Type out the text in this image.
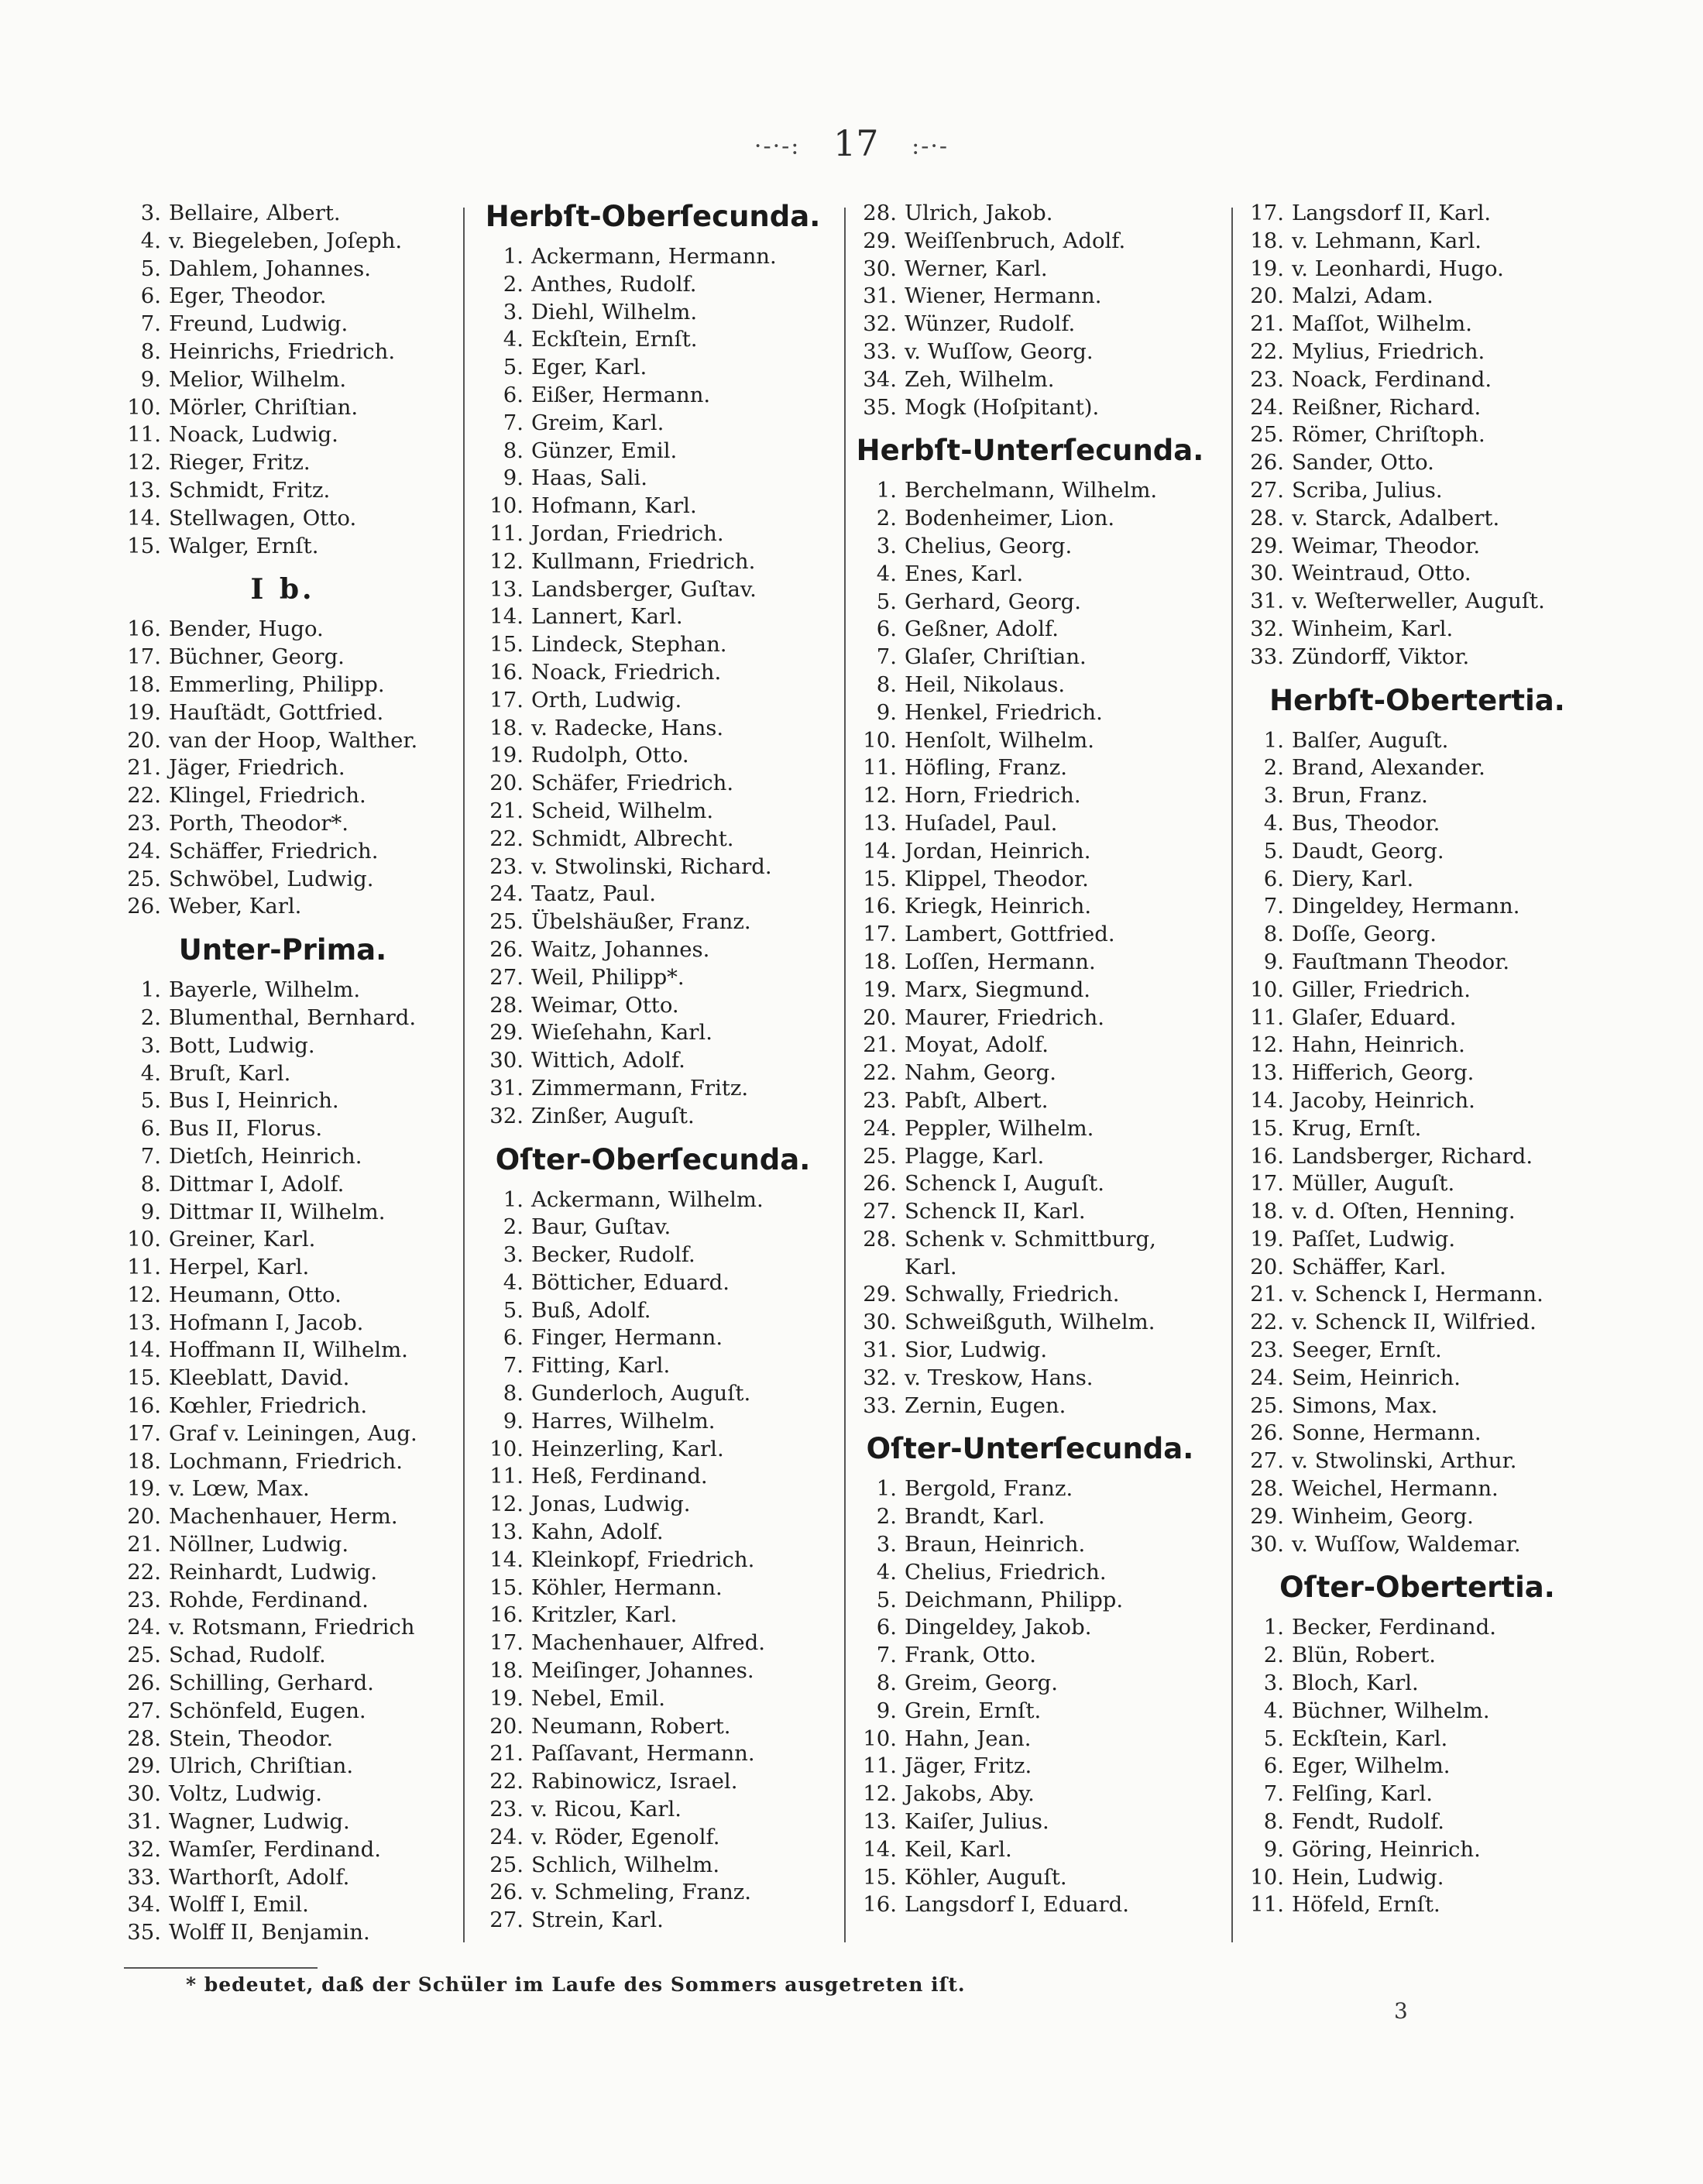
·-·-: 17 :-·-
3. Bellaire, Albert.
4. v. Biegeleben, Joſeph.
5. Dahlem, Johannes.
6. Eger, Theodor.
7. Freund, Ludwig.
8. Heinrichs, Friedrich.
9. Melior, Wilhelm.
10. Mörler, Chriſtian.
11. Noack, Ludwig.
12. Rieger, Fritz.
13. Schmidt, Fritz.
14. Stellwagen, Otto.
15. Walger, Ernſt.
I b.
16. Bender, Hugo.
17. Büchner, Georg.
18. Emmerling, Philipp.
19. Hauſtädt, Gottfried.
20. van der Hoop, Walther.
21. Jäger, Friedrich.
22. Klingel, Friedrich.
23. Porth, Theodor*.
24. Schäffer, Friedrich.
25. Schwöbel, Ludwig.
26. Weber, Karl.
Unter-Prima.
1. Bayerle, Wilhelm.
2. Blumenthal, Bernhard.
3. Bott, Ludwig.
4. Bruſt, Karl.
5. Bus I, Heinrich.
6. Bus II, Florus.
7. Dietſch, Heinrich.
8. Dittmar I, Adolf.
9. Dittmar II, Wilhelm.
10. Greiner, Karl.
11. Herpel, Karl.
12. Heumann, Otto.
13. Hofmann I, Jacob.
14. Hoffmann II, Wilhelm.
15. Kleeblatt, David.
16. Kœhler, Friedrich.
17. Graf v. Leiningen, Aug.
18. Lochmann, Friedrich.
19. v. Lœw, Max.
20. Machenhauer, Herm.
21. Nöllner, Ludwig.
22. Reinhardt, Ludwig.
23. Rohde, Ferdinand.
24. v. Rotsmann, Friedrich
25. Schad, Rudolf.
26. Schilling, Gerhard.
27. Schönfeld, Eugen.
28. Stein, Theodor.
29. Ulrich, Chriſtian.
30. Voltz, Ludwig.
31. Wagner, Ludwig.
32. Wamſer, Ferdinand.
33. Warthorſt, Adolf.
34. Wolff I, Emil.
35. Wolff II, Benjamin.
Herbſt-Oberſecunda.
1. Ackermann, Hermann.
2. Anthes, Rudolf.
3. Diehl, Wilhelm.
4. Eckſtein, Ernſt.
5. Eger, Karl.
6. Eißer, Hermann.
7. Greim, Karl.
8. Günzer, Emil.
9. Haas, Sali.
10. Hofmann, Karl.
11. Jordan, Friedrich.
12. Kullmann, Friedrich.
13. Landsberger, Guſtav.
14. Lannert, Karl.
15. Lindeck, Stephan.
16. Noack, Friedrich.
17. Orth, Ludwig.
18. v. Radecke, Hans.
19. Rudolph, Otto.
20. Schäfer, Friedrich.
21. Scheid, Wilhelm.
22. Schmidt, Albrecht.
23. v. Stwolinski, Richard.
24. Taatz, Paul.
25. Übelshäußer, Franz.
26. Waitz, Johannes.
27. Weil, Philipp*.
28. Weimar, Otto.
29. Wieſehahn, Karl.
30. Wittich, Adolf.
31. Zimmermann, Fritz.
32. Zinßer, Auguſt.
Oſter-Oberſecunda.
1. Ackermann, Wilhelm.
2. Baur, Guſtav.
3. Becker, Rudolf.
4. Bötticher, Eduard.
5. Buß, Adolf.
6. Finger, Hermann.
7. Fitting, Karl.
8. Gunderloch, Auguſt.
9. Harres, Wilhelm.
10. Heinzerling, Karl.
11. Heß, Ferdinand.
12. Jonas, Ludwig.
13. Kahn, Adolf.
14. Kleinkopf, Friedrich.
15. Köhler, Hermann.
16. Kritzler, Karl.
17. Machenhauer, Alfred.
18. Meiſinger, Johannes.
19. Nebel, Emil.
20. Neumann, Robert.
21. Paſſavant, Hermann.
22. Rabinowicz, Israel.
23. v. Ricou, Karl.
24. v. Röder, Egenolf.
25. Schlich, Wilhelm.
26. v. Schmeling, Franz.
27. Strein, Karl.
28. Ulrich, Jakob.
29. Weiſſenbruch, Adolf.
30. Werner, Karl.
31. Wiener, Hermann.
32. Wünzer, Rudolf.
33. v. Wuſſow, Georg.
34. Zeh, Wilhelm.
35. Mogk (Hoſpitant).
Herbſt-Unterſecunda.
1. Berchelmann, Wilhelm.
2. Bodenheimer, Lion.
3. Chelius, Georg.
4. Enes, Karl.
5. Gerhard, Georg.
6. Geßner, Adolf.
7. Glaſer, Chriſtian.
8. Heil, Nikolaus.
9. Henkel, Friedrich.
10. Henſolt, Wilhelm.
11. Höfling, Franz.
12. Horn, Friedrich.
13. Huſadel, Paul.
14. Jordan, Heinrich.
15. Klippel, Theodor.
16. Kriegk, Heinrich.
17. Lambert, Gottfried.
18. Loſſen, Hermann.
19. Marx, Siegmund.
20. Maurer, Friedrich.
21. Moyat, Adolf.
22. Nahm, Georg.
23. Pabſt, Albert.
24. Peppler, Wilhelm.
25. Plagge, Karl.
26. Schenck I, Auguſt.
27. Schenck II, Karl.
28. Schenk v. Schmittburg,
Karl.
29. Schwally, Friedrich.
30. Schweißguth, Wilhelm.
31. Sior, Ludwig.
32. v. Treskow, Hans.
33. Zernin, Eugen.
Oſter-Unterſecunda.
1. Bergold, Franz.
2. Brandt, Karl.
3. Braun, Heinrich.
4. Chelius, Friedrich.
5. Deichmann, Philipp.
6. Dingeldey, Jakob.
7. Frank, Otto.
8. Greim, Georg.
9. Grein, Ernſt.
10. Hahn, Jean.
11. Jäger, Fritz.
12. Jakobs, Aby.
13. Kaiſer, Julius.
14. Keil, Karl.
15. Köhler, Auguſt.
16. Langsdorf I, Eduard.
17. Langsdorf II, Karl.
18. v. Lehmann, Karl.
19. v. Leonhardi, Hugo.
20. Malzi, Adam.
21. Maſſot, Wilhelm.
22. Mylius, Friedrich.
23. Noack, Ferdinand.
24. Reißner, Richard.
25. Römer, Chriſtoph.
26. Sander, Otto.
27. Scriba, Julius.
28. v. Starck, Adalbert.
29. Weimar, Theodor.
30. Weintraud, Otto.
31. v. Weſterweller, Auguſt.
32. Winheim, Karl.
33. Zündorff, Viktor.
Herbſt-Obertertia.
1. Balſer, Auguſt.
2. Brand, Alexander.
3. Brun, Franz.
4. Bus, Theodor.
5. Daudt, Georg.
6. Diery, Karl.
7. Dingeldey, Hermann.
8. Doſſe, Georg.
9. Fauſtmann Theodor.
10. Giller, Friedrich.
11. Glaſer, Eduard.
12. Hahn, Heinrich.
13. Hifferich, Georg.
14. Jacoby, Heinrich.
15. Krug, Ernſt.
16. Landsberger, Richard.
17. Müller, Auguſt.
18. v. d. Oſten, Henning.
19. Paſſet, Ludwig.
20. Schäffer, Karl.
21. v. Schenck I, Hermann.
22. v. Schenck II, Wilfried.
23. Seeger, Ernſt.
24. Seim, Heinrich.
25. Simons, Max.
26. Sonne, Hermann.
27. v. Stwolinski, Arthur.
28. Weichel, Hermann.
29. Winheim, Georg.
30. v. Wuſſow, Waldemar.
Oſter-Obertertia.
1. Becker, Ferdinand.
2. Blün, Robert.
3. Bloch, Karl.
4. Büchner, Wilhelm.
5. Eckſtein, Karl.
6. Eger, Wilhelm.
7. Felſing, Karl.
8. Fendt, Rudolf.
9. Göring, Heinrich.
10. Hein, Ludwig.
11. Höfeld, Ernſt.
* bedeutet, daß der Schüler im Laufe des Sommers ausgetreten iſt.
3
